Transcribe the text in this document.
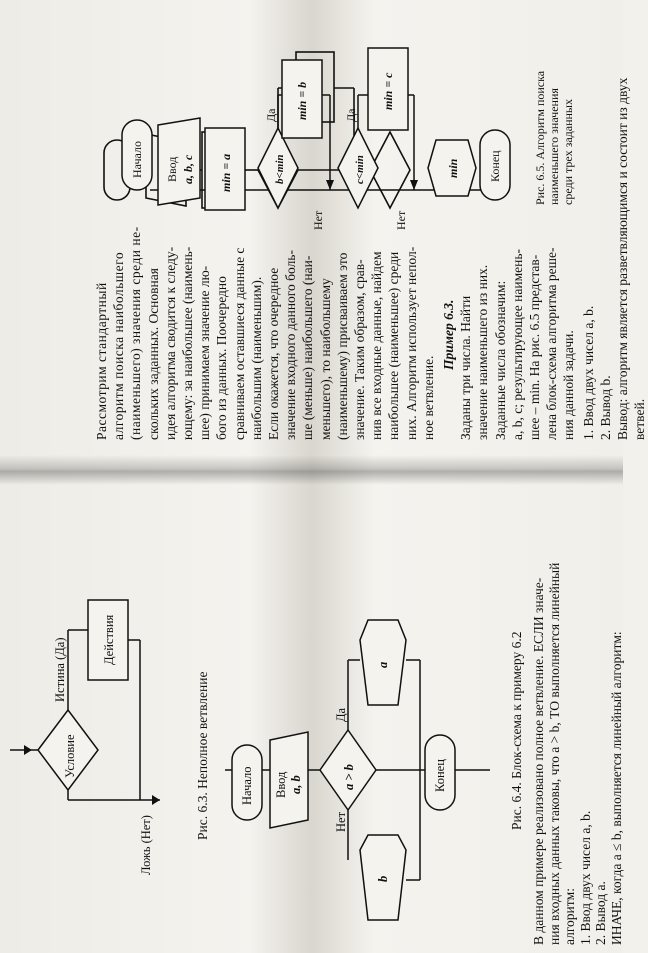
1. Ввод двух чисел a, b. 2. Вывод b. Вывод: алгоритм является разветвляющимся и состоит из двух ветвей.

Рассмотрим стандартный алгоритм поиска наибольшего (наименьшего) значения среди не- скольких заданных. Основная идея алгоритма сводится к следу- ющему: за наибольшее (наимень- шее) принимаем значение лю- бого из данных. Поочередно сравниваем оставшиеся данные с наибольшим (наименьшим). Если окажется, что очередное значение входного данного боль- ше (меньше) наибольшего (наи- меньшего), то наибольшему (наименьшему) присваиваем это значение. Таким образом, срав- нив все входные данные, найдем наибольшее (наименьшее) среди них. Алгоритм использует непол- ное ветвление.
Пример 6.3. Заданы три числа. Найти значение наименьшего из них. Заданные числа обозначим: a, b, c; результирующее наимень- шее – min. На рис. 6.5 представ- лена блок-схема алгоритма реше- ния данной задачи.
Рис. 6.5. Алгоритм поиска наименьшего значения среди трех заданных
Начало Ввод a, b, c min = a	b<min
Да
Нет
min = b
c<min
Да
Нет
min = c
min Конец
Условие
Истина (Да)
Ложь (Нет)
Действия
Начало Ввод a, b	a > b
Да
Нет
a
b
Конец
Рис. 6.3. Неполное ветвление	Рис. 6.4. Блок-схема к примеру 6.2 В данном примере реализовано полное ветвление. ЕСЛИ значе- ния входных данных таковы, что a > b, ТО выполняется линейный алгоритм: 1. Ввод двух чисел a, b. 2. Вывод a. ИНАЧЕ, когда a ≤ b, выполняется линейный алгоритм:
